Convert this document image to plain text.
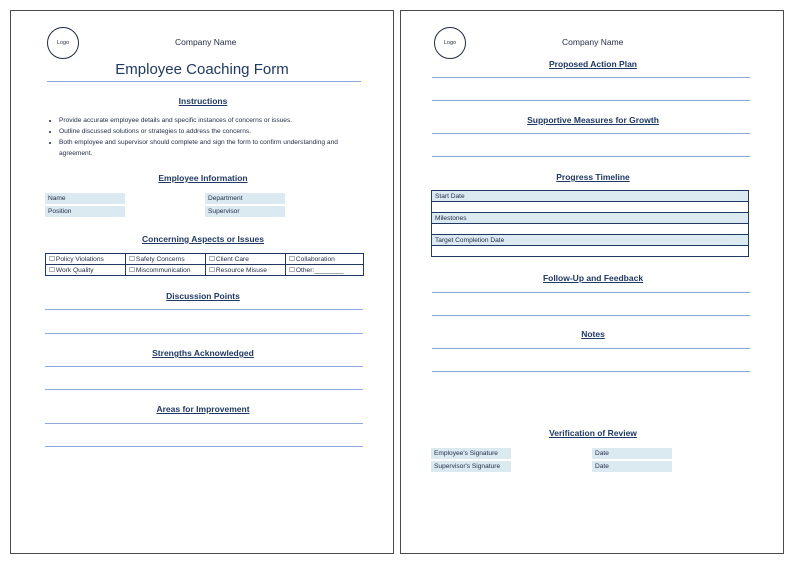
Logo	Company Name
Employee Coaching Form
Instructions
• Provide accurate employee details and specific instances of concerns or issues.
• Outline discussed solutions or strategies to address the concerns.
• Both employee and supervisor should complete and sign the form to confirm understanding and agreement.
Employee Information
Name	Department
Position	Supervisor
Concerning Aspects or Issues
☐Policy Violations	☐Safety Concerns	☐Client Care	☐Collaboration
☐Work Quality	☐Miscommunication	☐Resource Misuse	☐Other:________
Discussion Points
Strengths Acknowledged
Areas for Improvement
Logo	Company Name
Proposed Action Plan
Supportive Measures for Growth
Progress Timeline
Start Date

Milestones

Target Completion Date

Follow-Up and Feedback
Notes
Verification of Review
Employee's Signature	Date
Supervisor's Signature	Date
